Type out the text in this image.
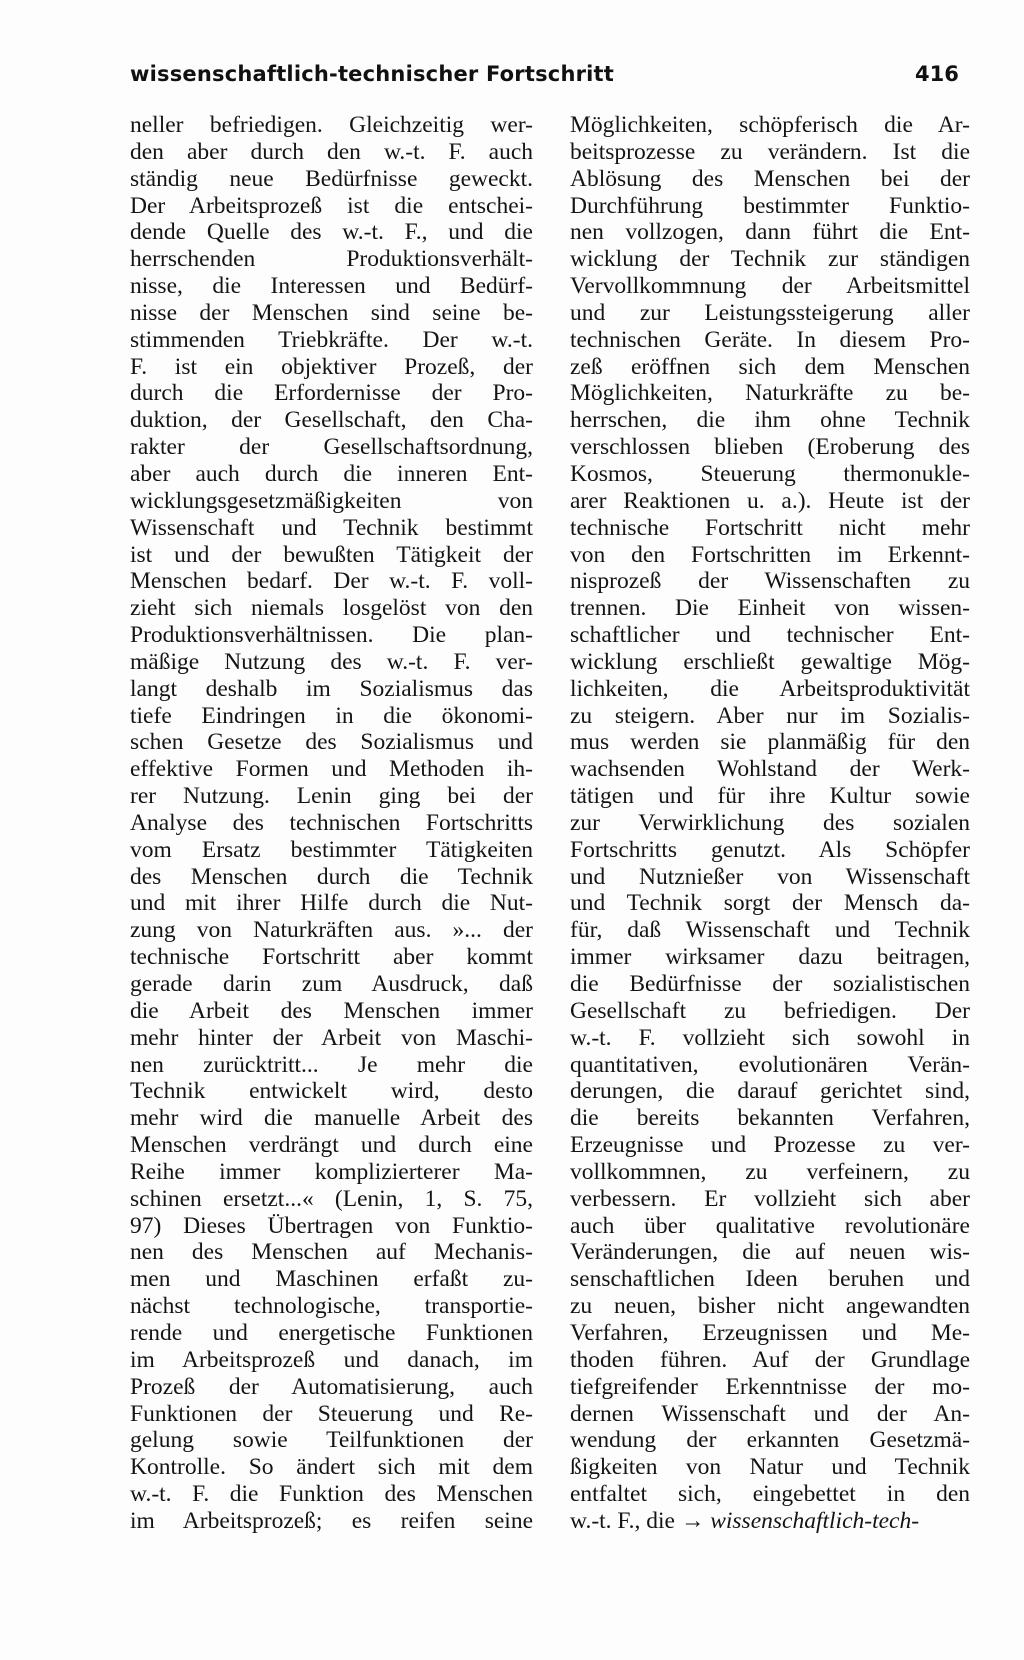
wissenschaftlich-technischer Fortschritt	416
neller befriedigen. Gleichzeitig wer-
den aber durch den w.-t. F. auch
ständig neue Bedürfnisse geweckt.
Der Arbeitsprozeß ist die entschei-
dende Quelle des w.-t. F., und die
herrschenden Produktionsverhält-
nisse, die Interessen und Bedürf-
nisse der Menschen sind seine be-
stimmenden Triebkräfte. Der w.-t.
F. ist ein objektiver Prozeß, der
durch die Erfordernisse der Pro-
duktion, der Gesellschaft, den Cha-
rakter der Gesellschaftsordnung,
aber auch durch die inneren Ent-
wicklungsgesetzmäßigkeiten von
Wissenschaft und Technik bestimmt
ist und der bewußten Tätigkeit der
Menschen bedarf. Der w.-t. F. voll-
zieht sich niemals losgelöst von den
Produktionsverhältnissen. Die plan-
mäßige Nutzung des w.-t. F. ver-
langt deshalb im Sozialismus das
tiefe Eindringen in die ökonomi-
schen Gesetze des Sozialismus und
effektive Formen und Methoden ih-
rer Nutzung. Lenin ging bei der
Analyse des technischen Fortschritts
vom Ersatz bestimmter Tätigkeiten
des Menschen durch die Technik
und mit ihrer Hilfe durch die Nut-
zung von Naturkräften aus. »... der
technische Fortschritt aber kommt
gerade darin zum Ausdruck, daß
die Arbeit des Menschen immer
mehr hinter der Arbeit von Maschi-
nen zurücktritt... Je mehr die
Technik entwickelt wird, desto
mehr wird die manuelle Arbeit des
Menschen verdrängt und durch eine
Reihe immer komplizierterer Ma-
schinen ersetzt...« (Lenin, 1, S. 75,
97) Dieses Übertragen von Funktio-
nen des Menschen auf Mechanis-
men und Maschinen erfaßt zu-
nächst technologische, transportie-
rende und energetische Funktionen
im Arbeitsprozeß und danach, im
Prozeß der Automatisierung, auch
Funktionen der Steuerung und Re-
gelung sowie Teilfunktionen der
Kontrolle. So ändert sich mit dem
w.-t. F. die Funktion des Menschen
im Arbeitsprozeß; es reifen seine
Möglichkeiten, schöpferisch die Ar-
beitsprozesse zu verändern. Ist die
Ablösung des Menschen bei der
Durchführung bestimmter Funktio-
nen vollzogen, dann führt die Ent-
wicklung der Technik zur ständigen
Vervollkommnung der Arbeitsmittel
und zur Leistungssteigerung aller
technischen Geräte. In diesem Pro-
zeß eröffnen sich dem Menschen
Möglichkeiten, Naturkräfte zu be-
herrschen, die ihm ohne Technik
verschlossen blieben (Eroberung des
Kosmos, Steuerung thermonukle-
arer Reaktionen u. a.). Heute ist der
technische Fortschritt nicht mehr
von den Fortschritten im Erkennt-
nisprozeß der Wissenschaften zu
trennen. Die Einheit von wissen-
schaftlicher und technischer Ent-
wicklung erschließt gewaltige Mög-
lichkeiten, die Arbeitsproduktivität
zu steigern. Aber nur im Sozialis-
mus werden sie planmäßig für den
wachsenden Wohlstand der Werk-
tätigen und für ihre Kultur sowie
zur Verwirklichung des sozialen
Fortschritts genutzt. Als Schöpfer
und Nutznießer von Wissenschaft
und Technik sorgt der Mensch da-
für, daß Wissenschaft und Technik
immer wirksamer dazu beitragen,
die Bedürfnisse der sozialistischen
Gesellschaft zu befriedigen. Der
w.-t. F. vollzieht sich sowohl in
quantitativen, evolutionären Verän-
derungen, die darauf gerichtet sind,
die bereits bekannten Verfahren,
Erzeugnisse und Prozesse zu ver-
vollkommnen, zu verfeinern, zu
verbessern. Er vollzieht sich aber
auch über qualitative revolutionäre
Veränderungen, die auf neuen wis-
senschaftlichen Ideen beruhen und
zu neuen, bisher nicht angewandten
Verfahren, Erzeugnissen und Me-
thoden führen. Auf der Grundlage
tiefgreifender Erkenntnisse der mo-
dernen Wissenschaft und der An-
wendung der erkannten Gesetzmä-
ßigkeiten von Natur und Technik
entfaltet sich, eingebettet in den
w.-t. F., die → wissenschaftlich-tech-
